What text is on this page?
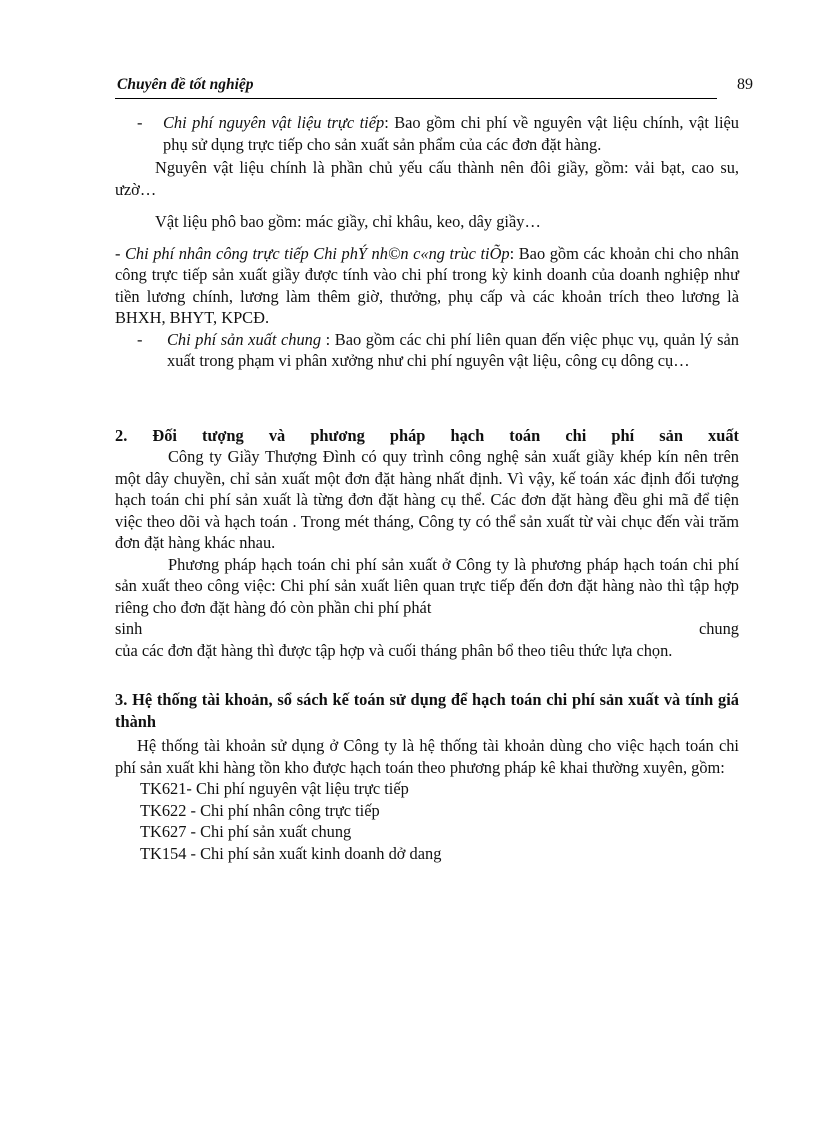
Chuyên đề tốt nghiệp	89
-	Chi phí nguyên vật liệu trực tiếp: Bao gồm chi phí về nguyên vật liệu chính, vật liệu phụ sử dụng trực tiếp cho sản xuất sản phẩm của các đơn đặt hàng.

Nguyên vật liệu chính là phần chủ yếu cấu thành nên đôi giầy, gồm: vải bạt, cao su, ưzờ…

Vật liệu phô bao gồm: mác giầy, chỉ khâu, keo, dây giầy…

- Chi phí nhân công trực tiếp Chi phÝ nh©n c«ng trùc tiÕp: Bao gồm các khoản chi cho nhân công trực tiếp sản xuất giầy được tính vào chi phí trong kỳ kinh doanh của doanh nghiệp như tiền lương chính, lương làm thêm giờ, thưởng, phụ cấp và các khoản trích theo lương là BHXH, BHYT, KPCĐ.

-	Chi phí sản xuất chung : Bao gồm các chi phí liên quan đến việc phục vụ, quản lý sản xuất trong phạm vi phân xưởng như chi phí nguyên vật liệu, công cụ dông cụ…

2. Đối tượng và phương pháp hạch toán chi phí sản xuất

Công ty Giầy Thượng Đình có quy trình công nghệ sản xuất giầy khép kín nên trên một dây chuyền, chỉ sản xuất một đơn đặt hàng nhất định. Vì vậy, kế toán xác định đối tượng hạch toán chi phí sản xuất là từng đơn đặt hàng cụ thể. Các đơn đặt hàng đều ghi mã để tiện việc theo dõi và hạch toán . Trong mét tháng, Công ty có thể sản xuất từ vài chục đến vài trăm đơn đặt hàng khác nhau.

Phương pháp hạch toán chi phí sản xuất ở Công ty là phương pháp hạch toán chi phí sản xuất theo công việc: Chi phí sản xuất liên quan trực tiếp đến đơn đặt hàng nào thì tập hợp riêng cho đơn đặt hàng đó còn phần chi phí phát

sinh	chung

của các đơn đặt hàng thì được tập hợp và cuối tháng phân bổ theo tiêu thức lựa chọn.

3. Hệ thống tài khoản, sổ sách kế toán sử dụng để hạch toán chi phí sản xuất và tính giá thành

Hệ thống tài khoản sử dụng ở Công ty là hệ thống tài khoản dùng cho việc hạch toán chi phí sản xuất khi hàng tồn kho được hạch toán theo phương pháp kê khai thường xuyên, gồm:

TK621- Chi phí nguyên vật liệu trực tiếp
TK622 - Chi phí nhân công trực tiếp
TK627 - Chi phí sản xuất chung
TK154 - Chi phí sản xuất kinh doanh dở dang
